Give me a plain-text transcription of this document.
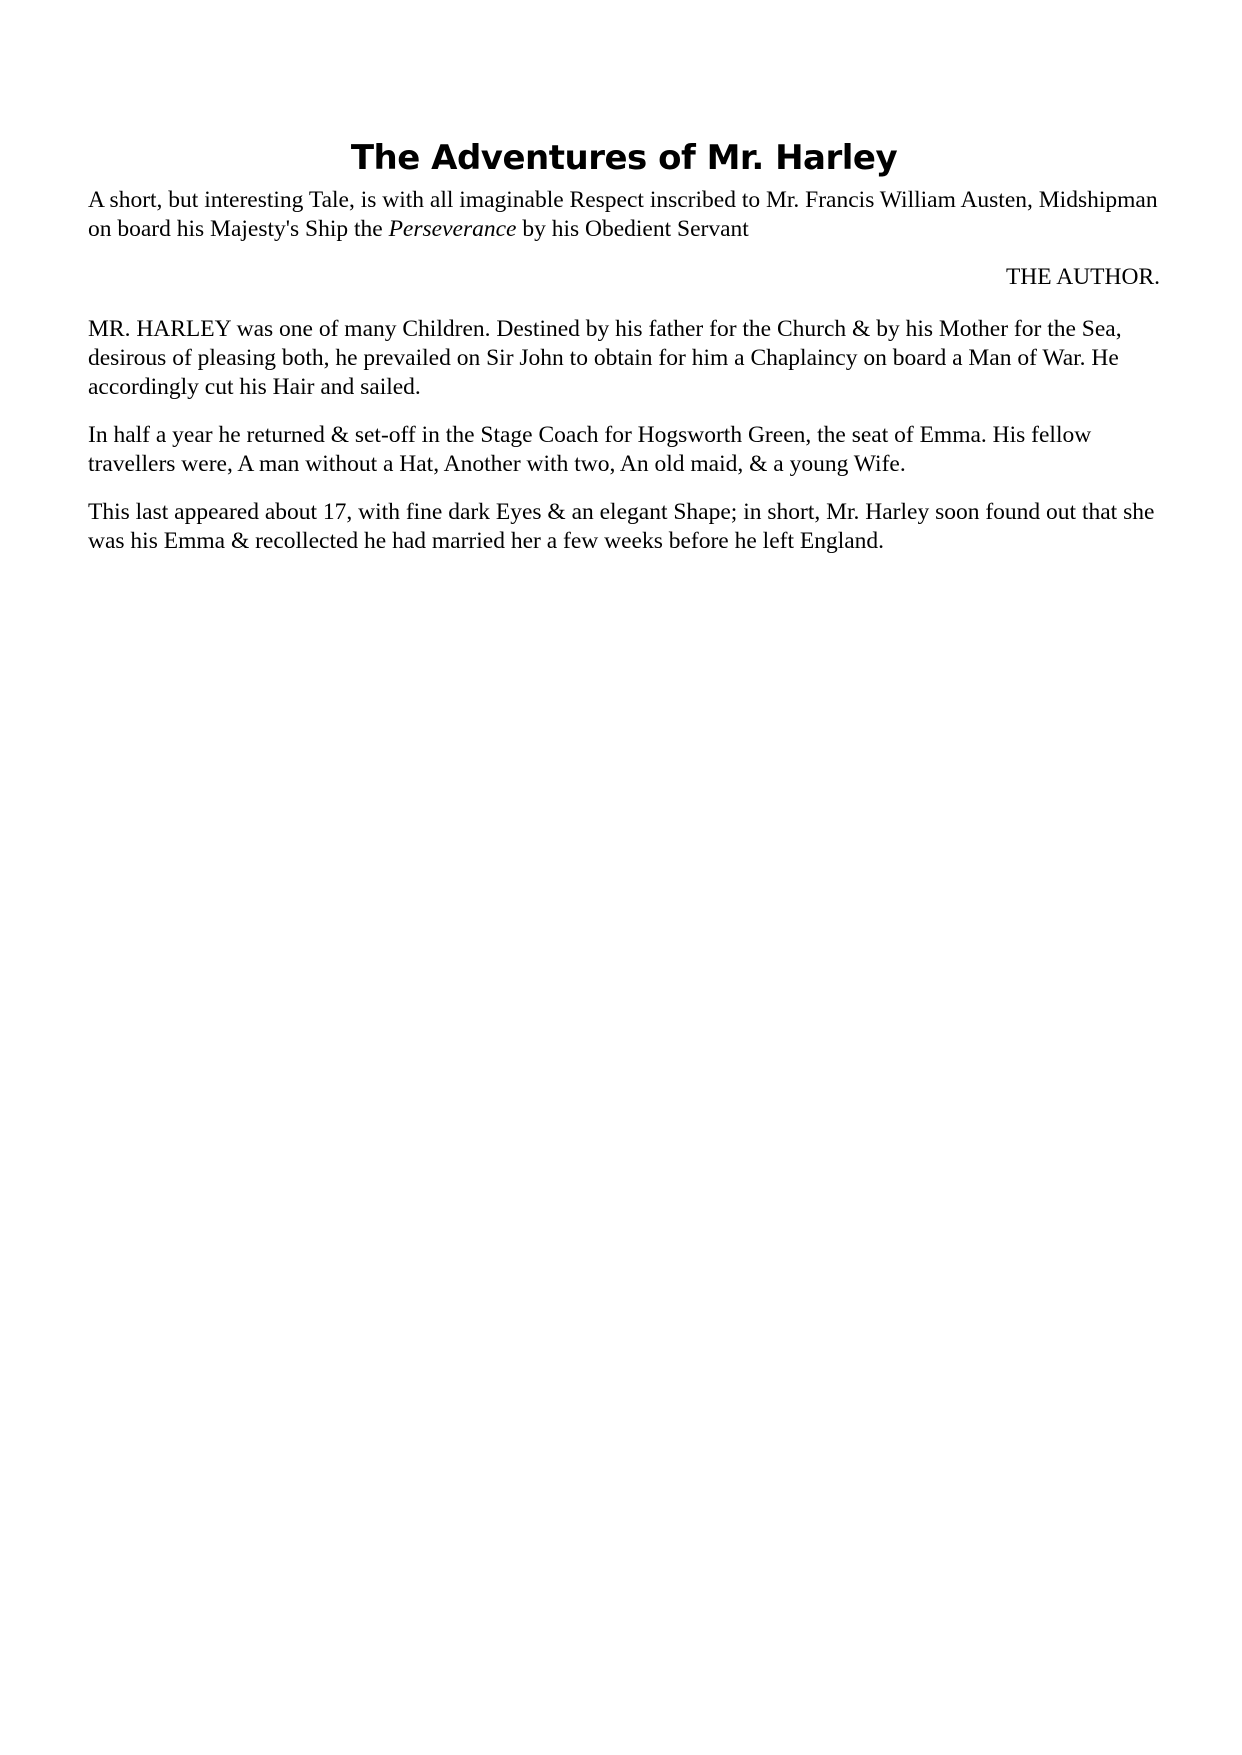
The Adventures of Mr. Harley

A short, but interesting Tale, is with all imaginable Respect inscribed to Mr. Francis William Austen, Midshipman on board his Majesty's Ship the Perseverance by his Obedient Servant

THE AUTHOR.

MR. HARLEY was one of many Children. Destined by his father for the Church & by his Mother for the Sea, desirous of pleasing both, he prevailed on Sir John to obtain for him a Chaplaincy on board a Man of War. He accordingly cut his Hair and sailed.

In half a year he returned & set-off in the Stage Coach for Hogsworth Green, the seat of Emma. His fellow travellers were, A man without a Hat, Another with two, An old maid, & a young Wife.

This last appeared about 17, with fine dark Eyes & an elegant Shape; in short, Mr. Harley soon found out that she was his Emma & recollected he had married her a few weeks before he left England.
